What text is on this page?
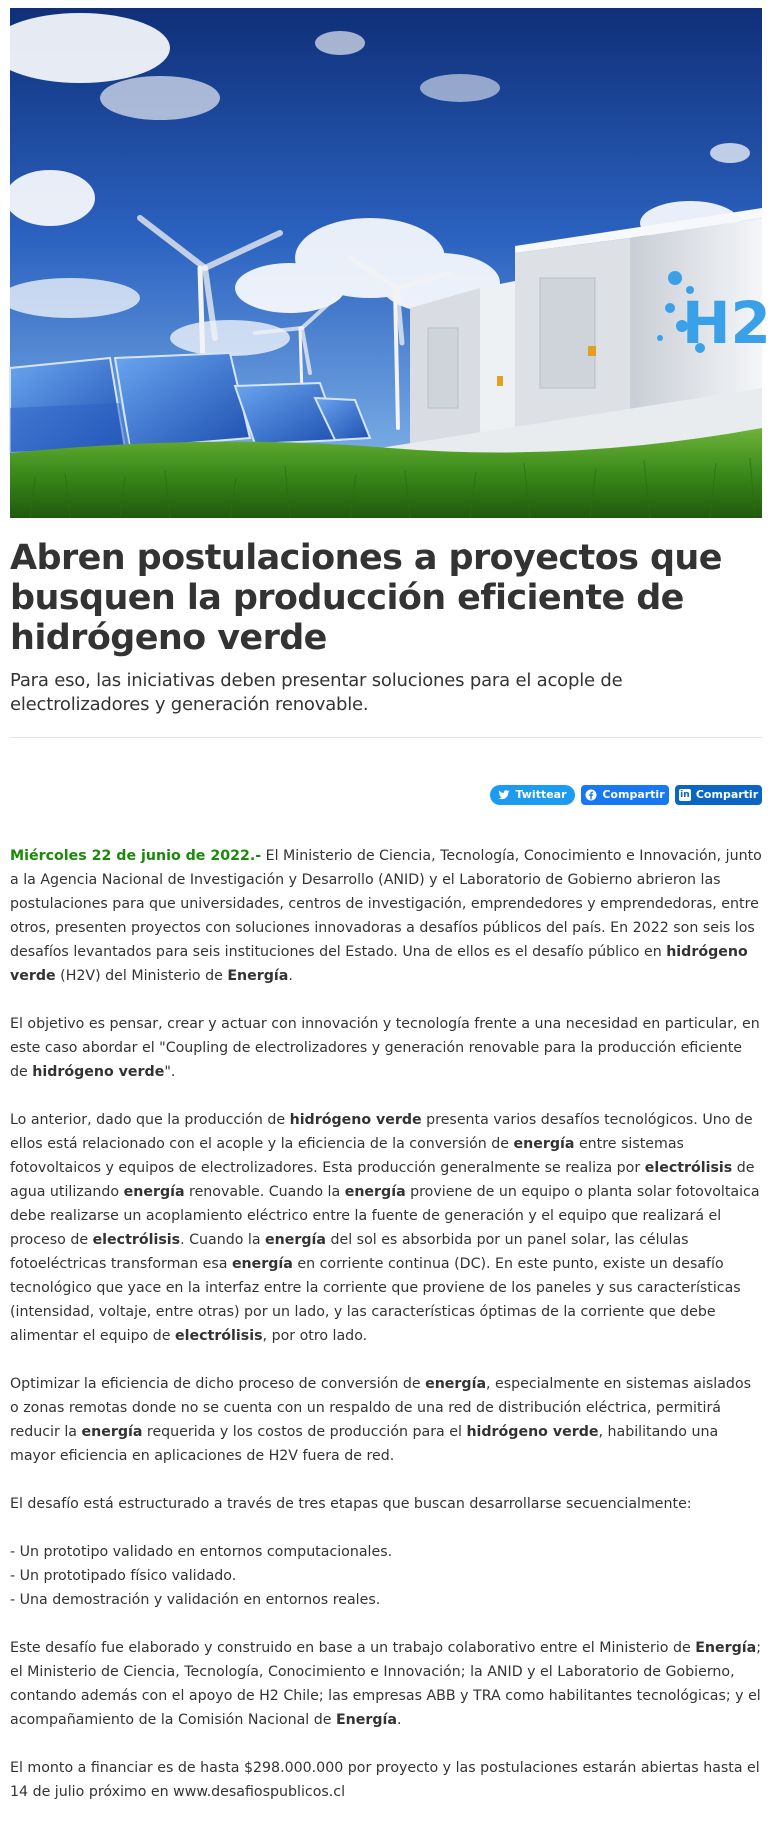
H2
Abren postulaciones a proyectos que busquen la producción eficiente de hidrógeno verde

Para eso, las iniciativas deben presentar soluciones para el acople de electrolizadores y generación renovable.

Twittear	Compartir in Compartir

Miércoles 22 de junio de 2022.- El Ministerio de Ciencia, Tecnología, Conocimiento e Innovación, junto a la Agencia Nacional de Investigación y Desarrollo (ANID) y el Laboratorio de Gobierno abrieron las postulaciones para que universidades, centros de investigación, emprendedores y emprendedoras, entre otros, presenten proyectos con soluciones innovadoras a desafíos públicos del país. En 2022 son seis los desafíos levantados para seis instituciones del Estado. Una de ellos es el desafío público en hidrógeno verde (H2V) del Ministerio de Energía.

El objetivo es pensar, crear y actuar con innovación y tecnología frente a una necesidad en particular, en este caso abordar el "Coupling de electrolizadores y generación renovable para la producción eficiente de hidrógeno verde".

Lo anterior, dado que la producción de hidrógeno verde presenta varios desafíos tecnológicos. Uno de ellos está relacionado con el acople y la eficiencia de la conversión de energía entre sistemas fotovoltaicos y equipos de electrolizadores. Esta producción generalmente se realiza por electrólisis de agua utilizando energía renovable. Cuando la energía proviene de un equipo o planta solar fotovoltaica debe realizarse un acoplamiento eléctrico entre la fuente de generación y el equipo que realizará el proceso de electrólisis. Cuando la energía del sol es absorbida por un panel solar, las células fotoeléctricas transforman esa energía en corriente continua (DC). En este punto, existe un desafío tecnológico que yace en la interfaz entre la corriente que proviene de los paneles y sus características (intensidad, voltaje, entre otras) por un lado, y las características óptimas de la corriente que debe alimentar el equipo de electrólisis, por otro lado.

Optimizar la eficiencia de dicho proceso de conversión de energía, especialmente en sistemas aislados o zonas remotas donde no se cuenta con un respaldo de una red de distribución eléctrica, permitirá reducir la energía requerida y los costos de producción para el hidrógeno verde, habilitando una mayor eficiencia en aplicaciones de H2V fuera de red.

El desafío está estructurado a través de tres etapas que buscan desarrollarse secuencialmente:

- Un prototipo validado en entornos computacionales.

- Un prototipado físico validado.

- Una demostración y validación en entornos reales.

Este desafío fue elaborado y construido en base a un trabajo colaborativo entre el Ministerio de Energía; el Ministerio de Ciencia, Tecnología, Conocimiento e Innovación; la ANID y el Laboratorio de Gobierno, contando además con el apoyo de H2 Chile; las empresas ABB y TRA como habilitantes tecnológicas; y el acompañamiento de la Comisión Nacional de Energía.

El monto a financiar es de hasta $298.000.000 por proyecto y las postulaciones estarán abiertas hasta el 14 de julio próximo en www.desafiospublicos.cl
